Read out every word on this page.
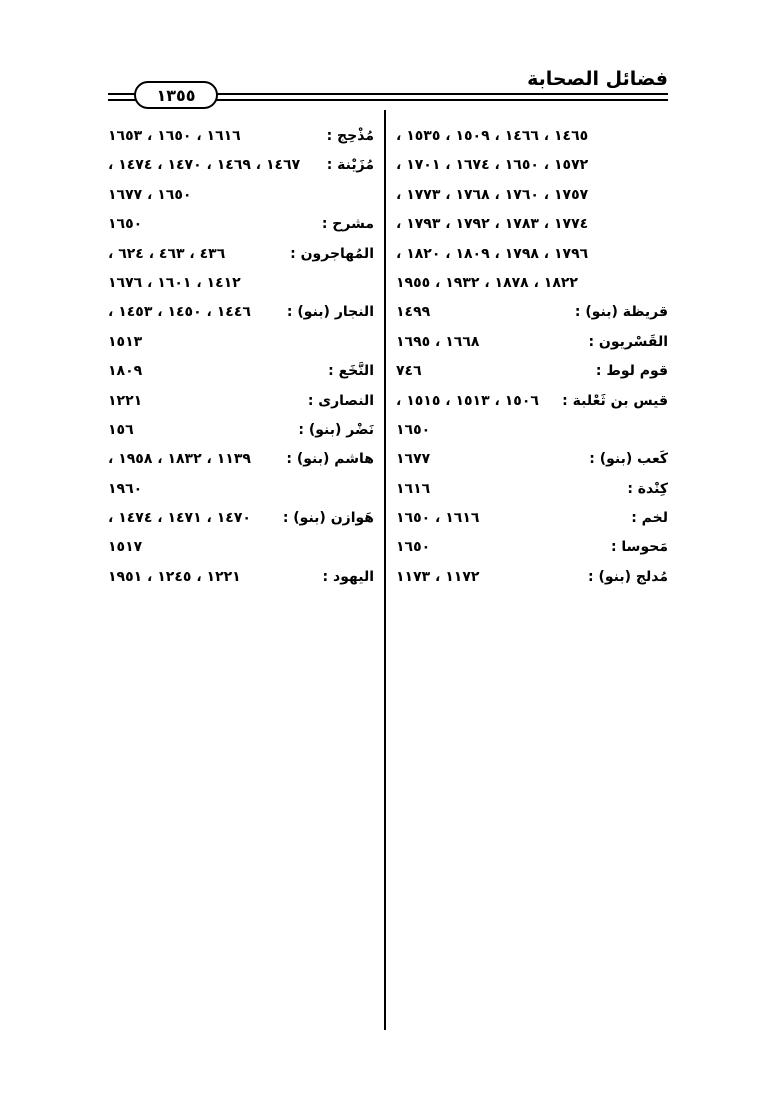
١٣٥٥
فضائل الصحابة
١٤٦٥ ، ١٤٦٦ ، ١٥٠٩ ، ١٥٣٥ ،
١٥٧٢ ، ١٦٥٠ ، ١٦٧٤ ، ١٧٠١ ،
١٧٥٧ ، ١٧٦٠ ، ١٧٦٨ ، ١٧٧٣ ،
١٧٧٤ ، ١٧٨٣ ، ١٧٩٢ ، ١٧٩٣ ،
١٧٩٦ ، ١٧٩٨ ، ١٨٠٩ ، ١٨٢٠ ،
١٨٢٢ ، ١٨٧٨ ، ١٩٣٢ ، ١٩٥٥
قريظة (بنو) :
١٤٩٩
القَسْريون :
١٦٦٨ ، ١٦٩٥
قوم لوط :
٧٤٦
قيس بن ثَعْلبة :
١٥٠٦ ، ١٥١٣ ، ١٥١٥ ،
١٦٥٠
كَعب (بنو) :
١٦٧٧
كِنْدة :
١٦١٦
لخم :
١٦١٦ ، ١٦٥٠
مَحوسا :
١٦٥٠
مُدلج (بنو) :
١١٧٢ ، ١١٧٣
مُذْحِج :
١٦١٦ ، ١٦٥٠ ، ١٦٥٣
مُزَيْنة :
١٤٦٧ ، ١٤٦٩ ، ١٤٧٠ ، ١٤٧٤ ،
١٦٥٠ ، ١٦٧٧
مشرح :
١٦٥٠
المُهاجرون :
٤٣٦ ، ٤٦٣ ، ٦٢٤ ،
١٤١٢ ، ١٦٠١ ، ١٦٧٦
النجار (بنو) :
١٤٤٦ ، ١٤٥٠ ، ١٤٥٣ ،
١٥١٣
النَّخَع :
١٨٠٩
النصارى :
١٢٢١
نَضْر (بنو) :
١٥٦
هاشم (بنو) :
١١٣٩ ، ١٨٣٢ ، ١٩٥٨ ،
١٩٦٠
هَوازن (بنو) :
١٤٧٠ ، ١٤٧١ ، ١٤٧٤ ،
١٥١٧
اليهود :
١٢٢١ ، ١٢٤٥ ، ١٩٥١
